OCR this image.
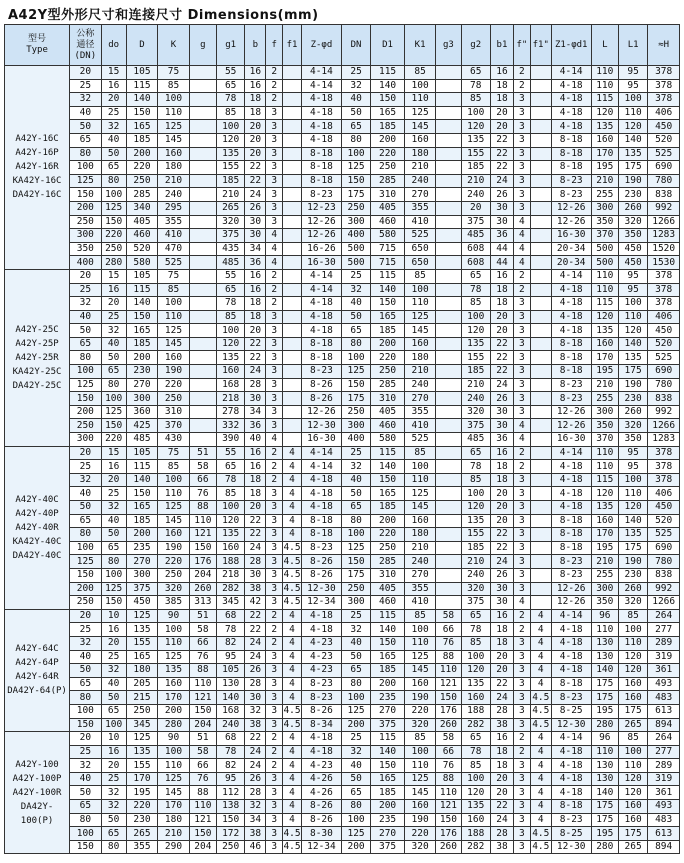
A42Y型外形尺寸和连接尺寸 Dimensions(mm)
型号
Type	公称
通径
(DN)	do	D	K	g	g1	b	f	f1	Z-φd	DN	D1	K1	g3	g2	b1	f"	f1"	Z1-φd1	L	L1	≈H

A42Y-16C
A42Y-16P
A42Y-16R
KA42Y-16C
DA42Y-16C	20	15	105	75		55	16	2		4-14	25	115	85		65	16	2		4-14	110	95	378
	25	16	115	85		65	16	2		4-14	32	140	100		78	18	2		4-18	110	95	378
	32	20	140	100		78	18	2		4-18	40	150	110		85	18	3		4-18	115	100	378
	40	25	150	110		85	18	3		4-18	50	165	125		100	20	3		4-18	120	110	406
	50	32	165	125		100	20	3		4-18	65	185	145		120	20	3		4-18	135	120	450
	65	40	185	145		120	20	3		4-18	80	200	160		135	22	3		8-18	160	140	520
	80	50	200	160		135	20	3		8-18	100	220	180		155	22	3		8-18	170	135	525
	100	65	220	180		155	22	3		8-18	125	250	210		185	22	3		8-18	195	175	690
	125	80	250	210		185	22	3		8-18	150	285	240		210	24	3		8-23	210	190	780
	150	100	285	240		210	24	3		8-23	175	310	270		240	26	3		8-23	255	230	838
	200	125	340	295		265	26	3		12-23	250	405	355		20	30	3		12-26	300	260	992
	250	150	405	355		320	30	3		12-26	300	460	410		375	30	4		12-26	350	320	1266
	300	220	460	410		375	30	4		12-26	400	580	525		485	36	4		16-30	370	350	1283
	350	250	520	470		435	34	4		16-26	500	715	650		608	44	4		20-34	500	450	1520
	400	280	580	525		485	36	4		16-30	500	715	650		608	44	4		20-34	500	450	1530

A42Y-25C
A42Y-25P
A42Y-25R
KA42Y-25C
DA42Y-25C	20	15	105	75		55	16	2		4-14	25	115	85		65	16	2		4-14	110	95	378
	25	16	115	85		65	16	2		4-14	32	140	100		78	18	2		4-18	110	95	378
	32	20	140	100		78	18	2		4-18	40	150	110		85	18	3		4-18	115	100	378
	40	25	150	110		85	18	3		4-18	50	165	125		100	20	3		4-18	120	110	406
	50	32	165	125		100	20	3		4-18	65	185	145		120	20	3		4-18	135	120	450
	65	40	185	145		120	22	3		8-18	80	200	160		135	22	3		8-18	160	140	520
	80	50	200	160		135	22	3		8-18	100	220	180		155	22	3		8-18	170	135	525
	100	65	230	190		160	24	3		8-23	125	250	210		185	22	3		8-18	195	175	690
	125	80	270	220		168	28	3		8-26	150	285	240		210	24	3		8-23	210	190	780
	150	100	300	250		218	30	3		8-26	175	310	270		240	26	3		8-23	255	230	838
	200	125	360	310		278	34	3		12-26	250	405	355		320	30	3		12-26	300	260	992
	250	150	425	370		332	36	3		12-30	300	460	410		375	30	4		12-26	350	320	1266
	300	220	485	430		390	40	4		16-30	400	580	525		485	36	4		16-30	370	350	1283

A42Y-40C
A42Y-40P
A42Y-40R
KA42Y-40C
DA42Y-40C	20	15	105	75	51	55	16	2	4	4-14	25	115	85		65	16	2		4-14	110	95	378
	25	16	115	85	58	65	16	2	4	4-14	32	140	100		78	18	2		4-18	110	95	378
	32	20	140	100	66	78	18	2	4	4-18	40	150	110		85	18	3		4-18	115	100	378
	40	25	150	110	76	85	18	3	4	4-18	50	165	125		100	20	3		4-18	120	110	406
	50	32	165	125	88	100	20	3	4	4-18	65	185	145		120	20	3		4-18	135	120	450
	65	40	185	145	110	120	22	3	4	8-18	80	200	160		135	20	3		8-18	160	140	520
	80	50	200	160	121	135	22	3	4	8-18	100	220	180		155	22	3		8-18	170	135	525
	100	65	235	190	150	160	24	3	4.5	8-23	125	250	210		185	22	3		8-18	195	175	690
	125	80	270	220	176	188	28	3	4.5	8-26	150	285	240		210	24	3		8-23	210	190	780
	150	100	300	250	204	218	30	3	4.5	8-26	175	310	270		240	26	3		8-23	255	230	838
	200	125	375	320	260	282	38	3	4.5	12-30	250	405	355		320	30	3		12-26	300	260	992
	250	150	450	385	313	345	42	3	4.5	12-34	300	460	410		375	30	4		12-26	350	320	1266

A42Y-64C
A42Y-64P
A42Y-64R
DA42Y-64(P)	20	10	125	90	51	68	22	2	4	4-18	25	115	85	58	65	16	2	4	4-14	96	85	264
	25	16	135	100	58	78	22	2	4	4-18	32	140	100	66	78	18	2	4	4-18	110	100	277
	32	20	155	110	66	82	24	2	4	4-23	40	150	110	76	85	18	3	4	4-18	130	110	289
	40	25	165	125	76	95	24	3	4	4-23	50	165	125	88	100	20	3	4	4-18	130	120	319
	50	32	180	135	88	105	26	3	4	4-23	65	185	145	110	120	20	3	4	4-18	140	120	361
	65	40	205	160	110	130	28	3	4	8-23	80	200	160	121	135	22	3	4	8-18	175	160	493
	80	50	215	170	121	140	30	3	4	8-23	100	235	190	150	160	24	3	4.5	8-23	175	160	483
	100	65	250	200	150	168	32	3	4.5	8-26	125	270	220	176	188	28	3	4.5	8-25	195	175	613
	150	100	345	280	204	240	38	3	4.5	8-34	200	375	320	260	282	38	3	4.5	12-30	280	265	894

A42Y-100
A42Y-100P
A42Y-100R
DA42Y-100(P)	20	10	125	90	51	68	22	2	4	4-18	25	115	85	58	65	16	2	4	4-14	96	85	264
	25	16	135	100	58	78	24	2	4	4-18	32	140	100	66	78	18	2	4	4-18	110	100	277
	32	20	155	110	66	82	24	2	4	4-23	40	150	110	76	85	18	3	4	4-18	130	110	289
	40	25	170	125	76	95	26	3	4	4-26	50	165	125	88	100	20	3	4	4-18	130	120	319
	50	32	195	145	88	112	28	3	4	4-26	65	185	145	110	120	20	3	4	4-18	140	120	361
	65	32	220	170	110	138	32	3	4	8-26	80	200	160	121	135	22	3	4	8-18	175	160	493
	80	50	230	180	121	150	34	3	4	8-26	100	235	190	150	160	24	3	4	8-23	175	160	483
	100	65	265	210	150	172	38	3	4.5	8-30	125	270	220	176	188	28	3	4.5	8-25	195	175	613
	150	80	355	290	204	250	46	3	4.5	12-34	200	375	320	260	282	38	3	4.5	12-30	280	265	894
